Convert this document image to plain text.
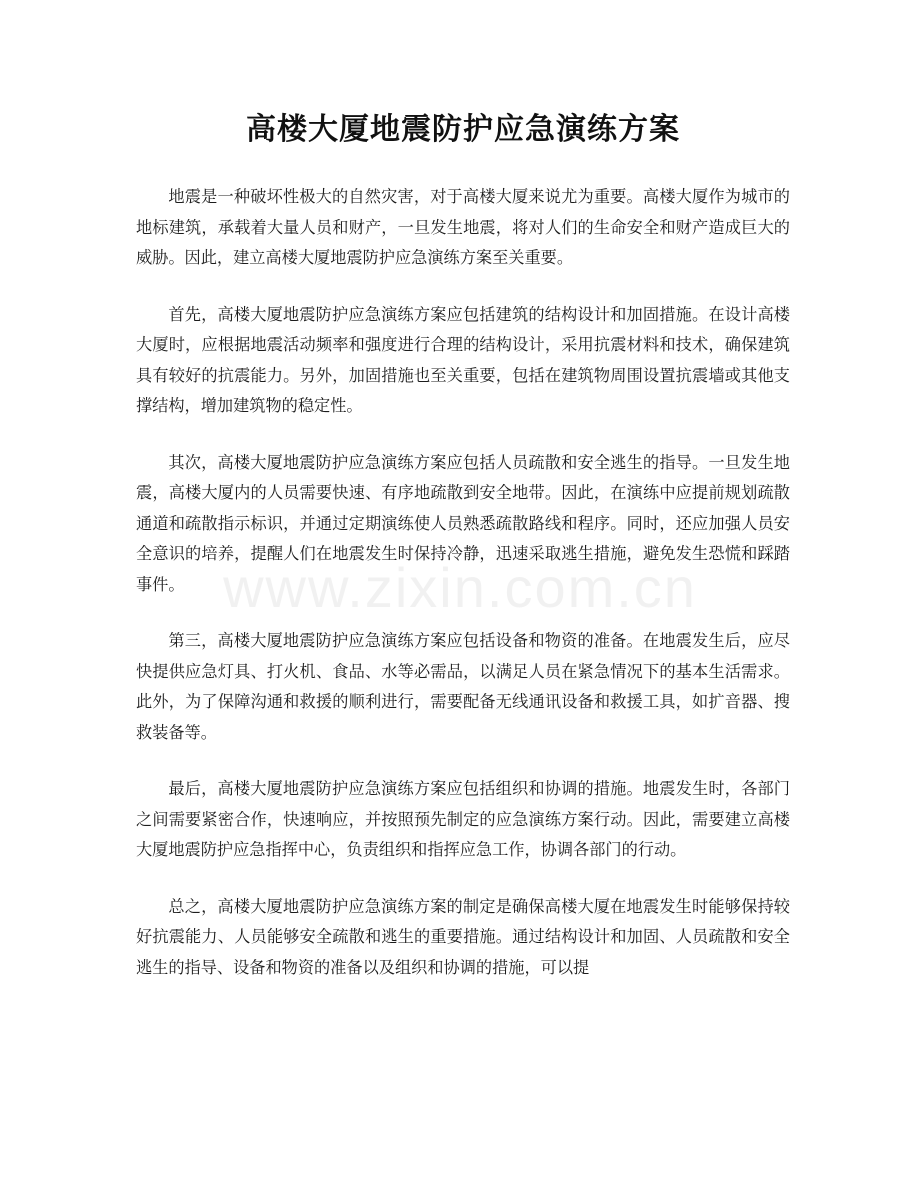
高楼大厦地震防护应急演练方案

地震是一种破坏性极大的自然灾害，对于高楼大厦来说尤为重要。高楼大厦作为城市的地标建筑，承载着大量人员和财产，一旦发生地震，将对人们的生命安全和财产造成巨大的威胁。因此，建立高楼大厦地震防护应急演练方案至关重要。

首先，高楼大厦地震防护应急演练方案应包括建筑的结构设计和加固措施。在设计高楼大厦时，应根据地震活动频率和强度进行合理的结构设计，采用抗震材料和技术，确保建筑具有较好的抗震能力。另外，加固措施也至关重要，包括在建筑物周围设置抗震墙或其他支撑结构，增加建筑物的稳定性。

其次，高楼大厦地震防护应急演练方案应包括人员疏散和安全逃生的指导。一旦发生地震，高楼大厦内的人员需要快速、有序地疏散到安全地带。因此，在演练中应提前规划疏散通道和疏散指示标识，并通过定期演练使人员熟悉疏散路线和程序。同时，还应加强人员安全意识的培养，提醒人们在地震发生时保持冷静，迅速采取逃生措施，避免发生恐慌和踩踏事件。

第三，高楼大厦地震防护应急演练方案应包括设备和物资的准备。在地震发生后，应尽快提供应急灯具、打火机、食品、水等必需品，以满足人员在紧急情况下的基本生活需求。此外，为了保障沟通和救援的顺利进行，需要配备无线通讯设备和救援工具，如扩音器、搜救装备等。

最后，高楼大厦地震防护应急演练方案应包括组织和协调的措施。地震发生时，各部门之间需要紧密合作，快速响应，并按照预先制定的应急演练方案行动。因此，需要建立高楼大厦地震防护应急指挥中心，负责组织和指挥应急工作，协调各部门的行动。

总之，高楼大厦地震防护应急演练方案的制定是确保高楼大厦在地震发生时能够保持较好抗震能力、人员能够安全疏散和逃生的重要措施。通过结构设计和加固、人员疏散和安全逃生的指导、设备和物资的准备以及组织和协调的措施，可以提

www.zixin.com.cn
